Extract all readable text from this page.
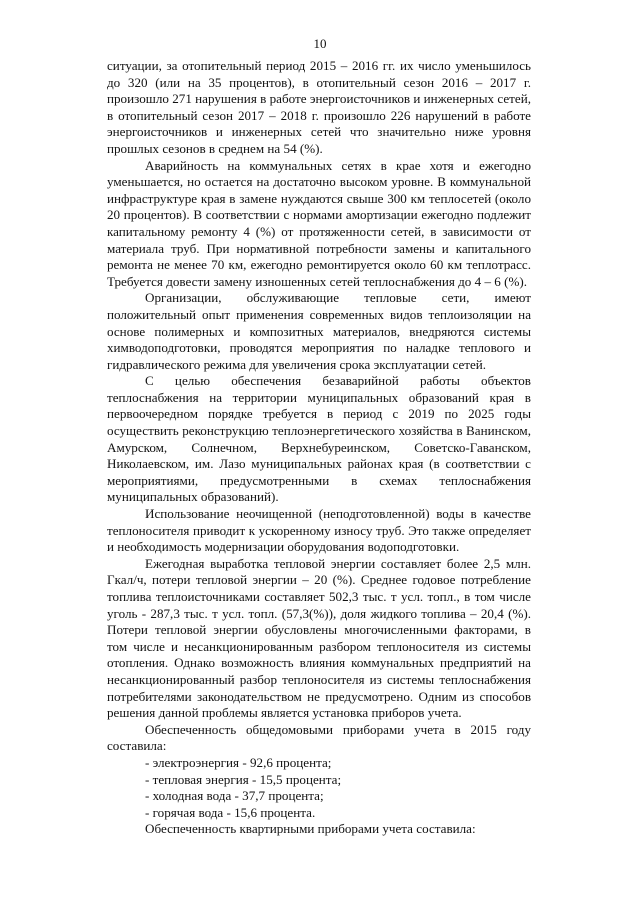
10

ситуации, за отопительный период 2015 – 2016 гг. их число уменьшилось до 320 (или на 35 процентов), в отопительный сезон 2016 – 2017 г. произошло 271 нарушения в работе энергоисточников и инженерных сетей, в отопительный сезон 2017 – 2018 г. произошло 226 нарушений в работе энергоисточников и инженерных сетей что значительно ниже уровня прошлых сезонов в среднем на 54 (%).

Аварийность на коммунальных сетях в крае хотя и ежегодно уменьшается, но остается на достаточно высоком уровне. В коммунальной инфраструктуре края в замене нуждаются свыше 300 км теплосетей (около 20 процентов). В соответствии с нормами амортизации ежегодно подлежит капитальному ремонту 4 (%) от протяженности сетей, в зависимости от материала труб. При нормативной потребности замены и капитального ремонта не менее 70 км, ежегодно ремонтируется около 60 км теплотрасс. Требуется довести замену изношенных сетей теплоснабжения до 4 – 6 (%).

Организации, обслуживающие тепловые сети, имеют положительный опыт применения современных видов теплоизоляции на основе полимерных и композитных материалов, внедряются системы химводоподготовки, проводятся мероприятия по наладке теплового и гидравлического режима для увеличения срока эксплуатации сетей.

С целью обеспечения безаварийной работы объектов теплоснабжения на территории муниципальных образований края в первоочередном порядке требуется в период с 2019 по 2025 годы осуществить реконструкцию теплоэнергетического хозяйства в Ванинском, Амурском, Солнечном, Верхнебуреинском, Советско-Гаванском, Николаевском, им. Лазо муниципальных районах края (в соответствии с мероприятиями, предусмотренными в схемах теплоснабжения муниципальных образований).

Использование неочищенной (неподготовленной) воды в качестве теплоносителя приводит к ускоренному износу труб. Это также определяет и необходимость модернизации оборудования водоподготовки.

Ежегодная выработка тепловой энергии составляет более 2,5 млн. Гкал/ч, потери тепловой энергии – 20 (%). Среднее годовое потребление топлива теплоисточниками составляет 502,3 тыс. т усл. топл., в том числе уголь - 287,3 тыс. т усл. топл. (57,3(%)), доля жидкого топлива – 20,4 (%). Потери тепловой энергии обусловлены многочисленными факторами, в том числе и несанкционированным разбором теплоносителя из системы отопления. Однако возможность влияния коммунальных предприятий на несанкционированный разбор теплоносителя из системы теплоснабжения потребителями законодательством не предусмотрено. Одним из способов решения данной проблемы является установка приборов учета.

Обеспеченность общедомовыми приборами учета в 2015 году составила:

- электроэнергия - 92,6 процента;

- тепловая энергия - 15,5 процента;

- холодная вода - 37,7 процента;

- горячая вода - 15,6 процента.

Обеспеченность квартирными приборами учета составила:
